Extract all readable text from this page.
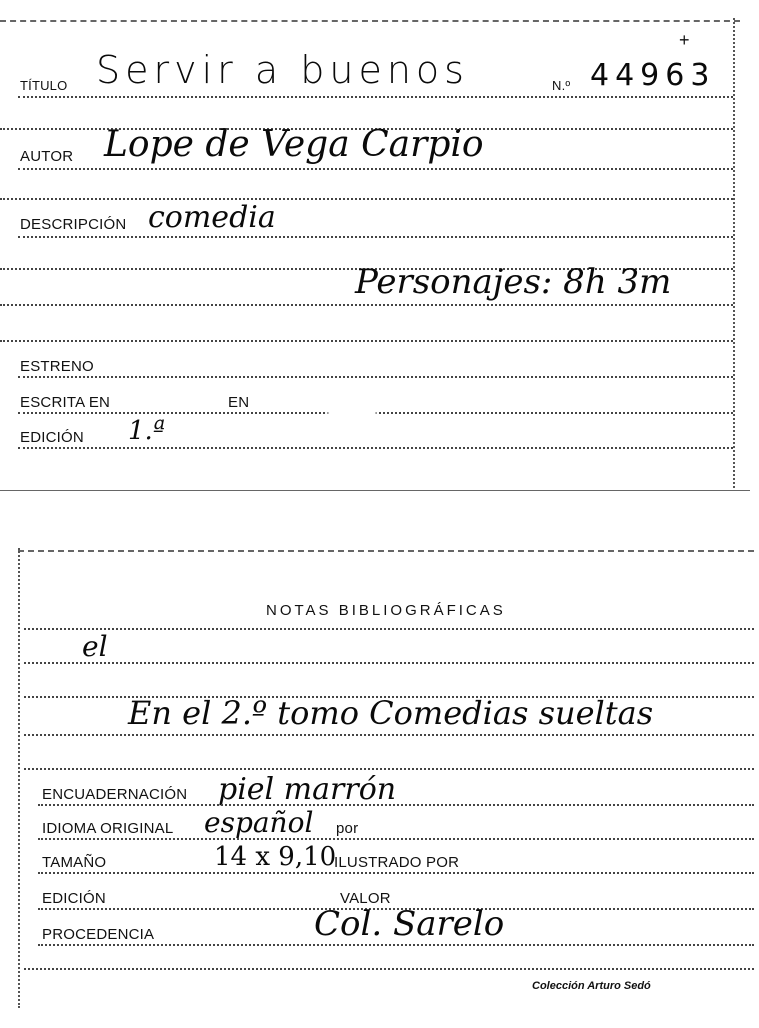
TÍTULO Servir a buenos	N.º 44963
+
AUTOR Lope de Vega Carpio
DESCRIPCIÓN comedia
Personajes: 8h 3m
ESTRENO
ESCRITA EN	EN
EDICIÓN 1.ª
NOTAS BIBLIOGRÁFICAS
el
En el 2.º tomo Comedias sueltas
ENCUADERNACIÓN piel marrón
IDIOMA ORIGINAL español por
TAMAÑO	14 x 9,10
ILUSTRADO POR
EDICIÓN	VALOR
PROCEDENCIA	Col. Sarelo
Colección Arturo Sedó
